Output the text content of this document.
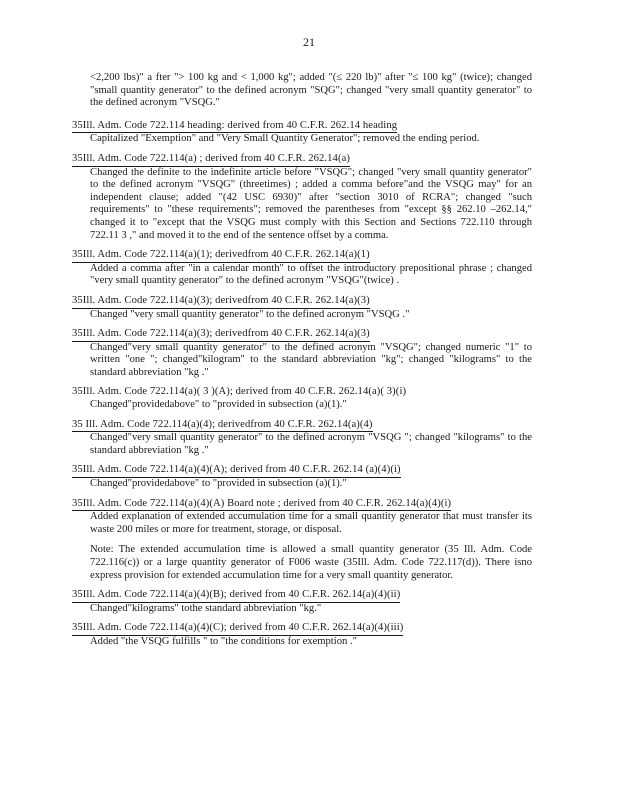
21
<2,200 lbs)" a fter "> 100 kg and < 1,000 kg"; added "(≤ 220 lb)" after "≤ 100 kg" (twice); changed "small quantity generator" to the defined acronym "SQG"; changed "very small quantity generator" to the defined acronym "VSQG."
35Ill. Adm. Code 722.114 heading: derived from 40 C.F.R. 262.14 heading
Capitalized "Exemption" and "Very Small Quantity Generator"; removed the ending period.
35Ill. Adm. Code 722.114(a) ; derived from 40 C.F.R. 262.14(a)
Changed the definite to the indefinite article before "VSQG"; changed "very small quantity generator" to the defined acronym "VSQG" (threetimes) ; added a comma before"and the VSQG may" for an independent clause; added "(42 USC 6930)" after "section 3010 of RCRA"; changed "such requirements" to "these requirements"; removed the parentheses from "except §§ 262.10 –262.14," changed it to "except that the VSQG must comply with this Section and Sections 722.110 through 722.11 3 ," and moved it to the end of the sentence offset by a comma.
35Ill. Adm. Code 722.114(a)(1); derivedfrom 40 C.F.R. 262.14(a)(1)
Added a comma after "in a calendar month" to offset the introductory prepositional phrase ; changed "very small quantity generator" to the defined acronym "VSQG"(twice) .
35Ill. Adm. Code 722.114(a)(3); derivedfrom 40 C.F.R. 262.14(a)(3)
Changed "very small quantity generator" to the defined acronym "VSQG ."
35Ill. Adm. Code 722.114(a)(3); derivedfrom 40 C.F.R. 262.14(a)(3)
Changed"very small quantity generator" to the defined acronym "VSQG"; changed numeric "1" to written "one "; changed"kilogram" to the standard abbreviation "kg"; changed "kilograms" to the standard abbreviation "kg ."
35Ill. Adm. Code 722.114(a)( 3 )(A); derived from 40 C.F.R. 262.14(a)( 3)(i)
Changed"providedabove" to "provided in subsection (a)(1)."
35 Ill. Adm. Code 722.114(a)(4); derivedfrom 40 C.F.R. 262.14(a)(4)
Changed"very small quantity generator" to the defined acronym "VSQG "; changed "kilograms" to the standard abbreviation "kg ."
35Ill. Adm. Code 722.114(a)(4)(A); derived from 40 C.F.R. 262.14 (a)(4)(i)
Changed"providedabove" to "provided in subsection (a)(1)."
35Ill. Adm. Code 722.114(a)(4)(A) Board note ; derived from 40 C.F.R. 262.14(a)(4)(i)
Added explanation of extended accumulation time for a small quantity generator that must transfer its waste 200 miles or more for treatment, storage, or disposal.
Note: The extended accumulation time is allowed a small quantity generator (35 Ill. Adm. Code 722.116(c)) or a large quantity generator of F006 waste (35Ill. Adm. Code 722.117(d)). There isno express provision for extended accumulation time for a very small quantity generator.
35Ill. Adm. Code 722.114(a)(4)(B); derived from 40 C.F.R. 262.14(a)(4)(ii)
Changed"kilograms" tothe standard abbreviation "kg."
35Ill. Adm. Code 722.114(a)(4)(C); derived from 40 C.F.R. 262.14(a)(4)(iii)
Added "the VSQG fulfills " to "the conditions for exemption ."
